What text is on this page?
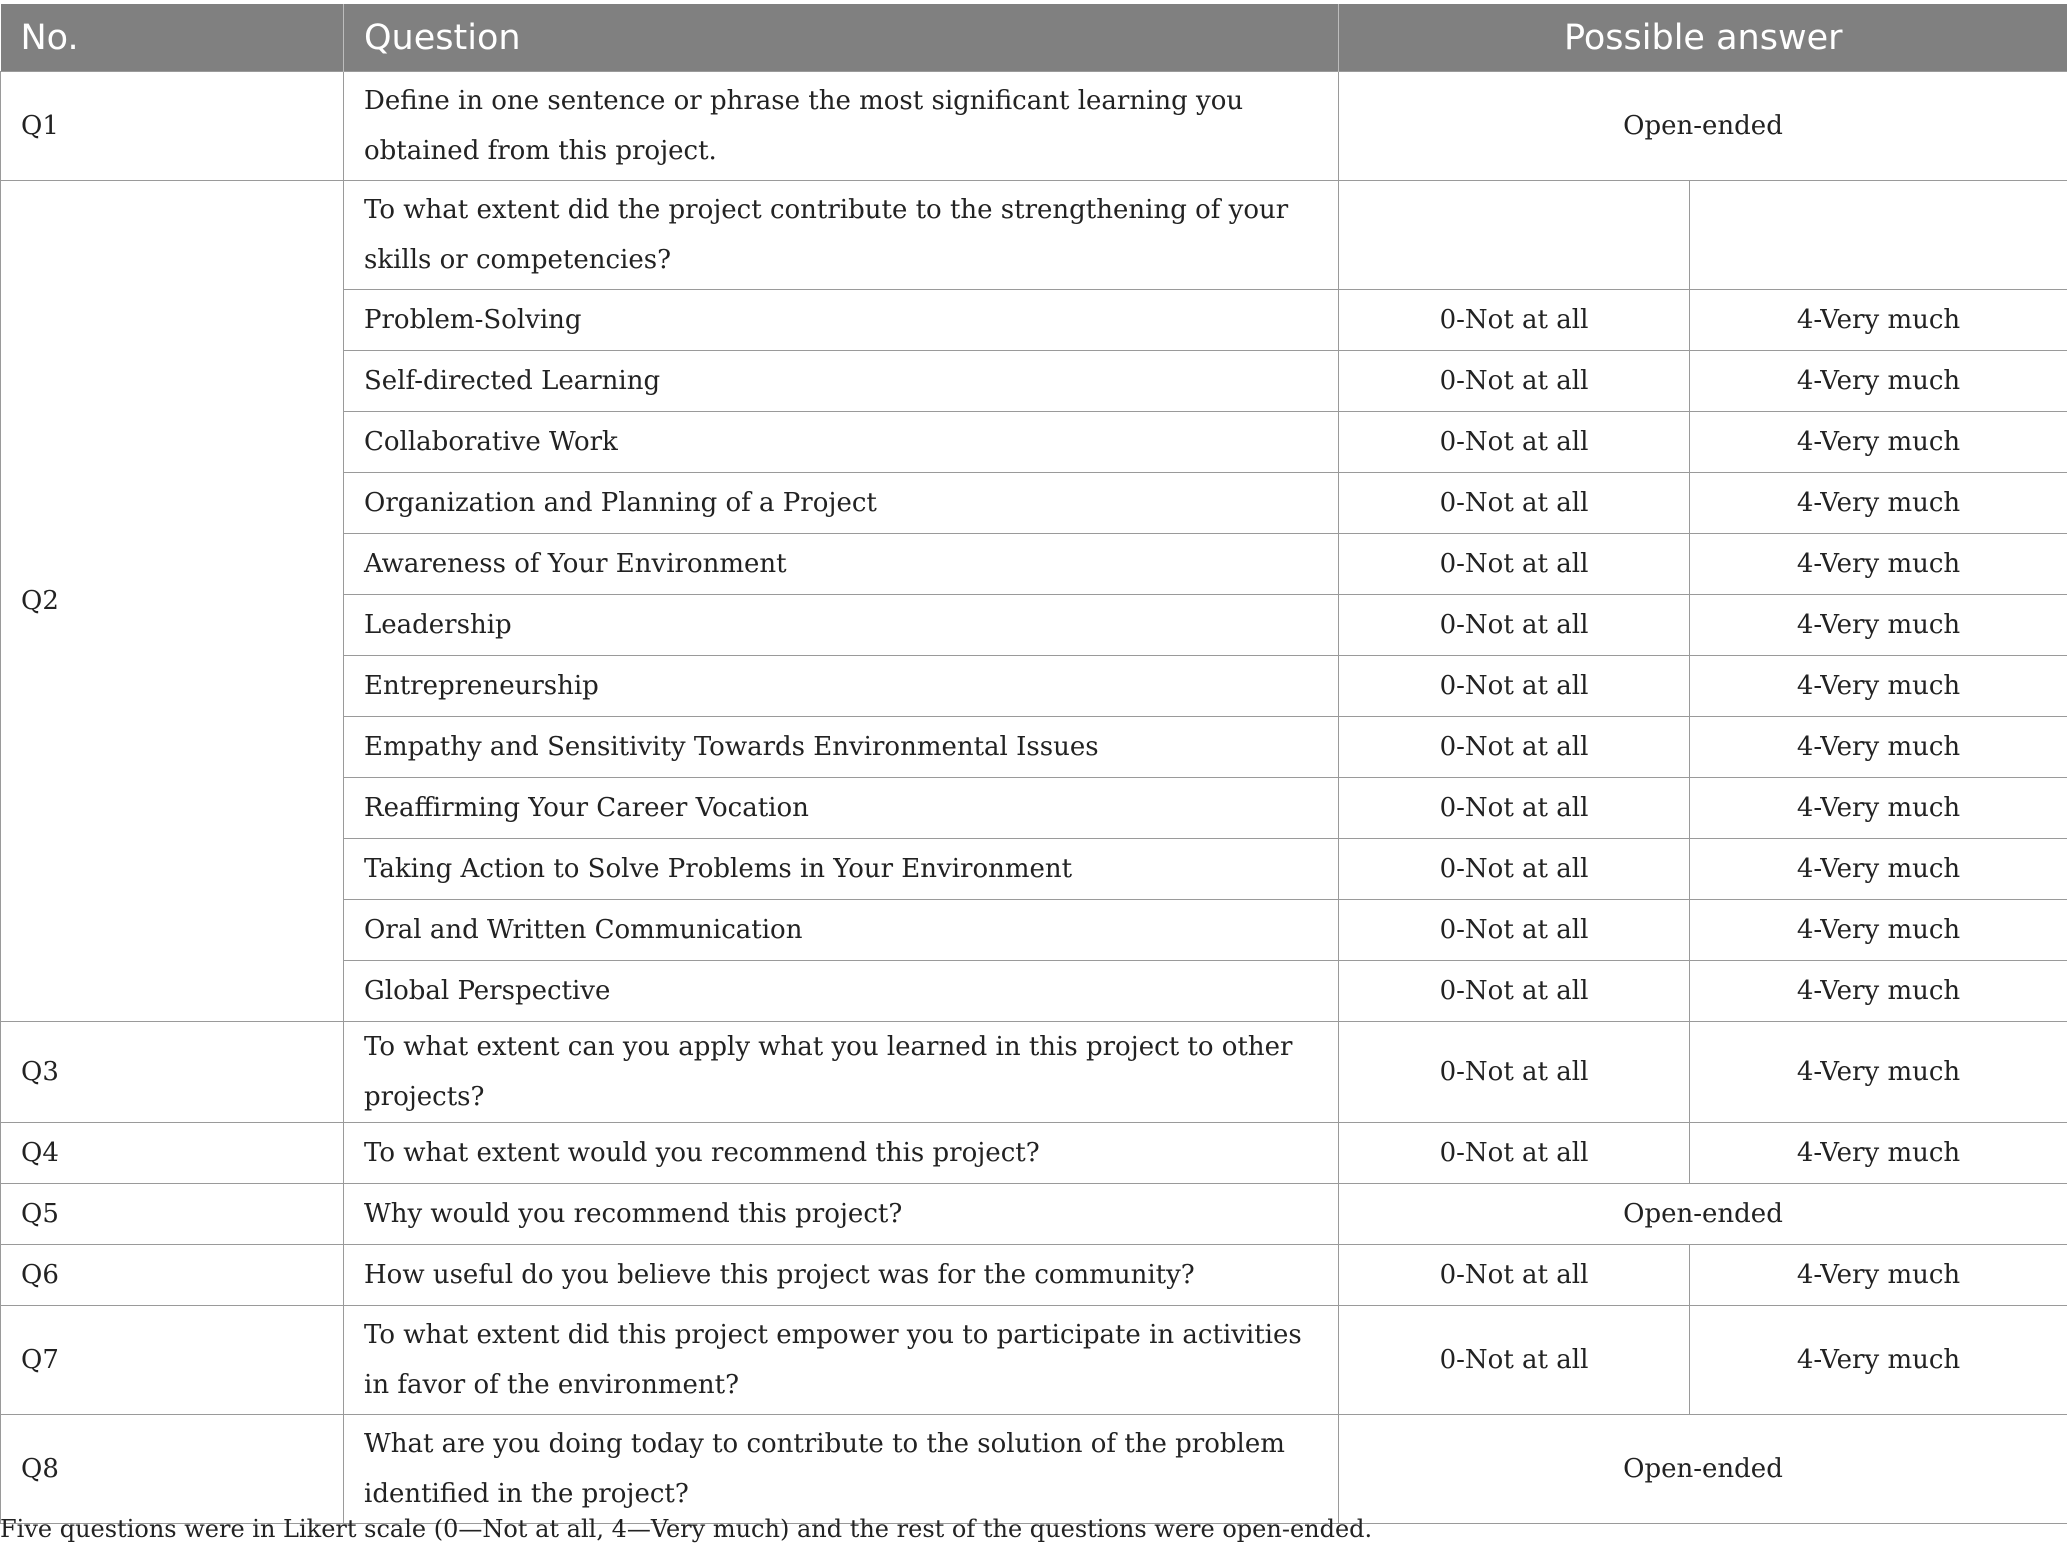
No.	Question	Possible answer	
Q1	Define in one sentence or phrase the most significant learning you obtained from this project.	Open-ended	
Q2	To what extent did the project contribute to the strengthening of your skills or competencies?		
	Problem-Solving	0-Not at all	4-Very much
	Self-directed Learning	0-Not at all	4-Very much
	Collaborative Work	0-Not at all	4-Very much
	Organization and Planning of a Project	0-Not at all	4-Very much
	Awareness of Your Environment	0-Not at all	4-Very much
	Leadership	0-Not at all	4-Very much
	Entrepreneurship	0-Not at all	4-Very much
	Empathy and Sensitivity Towards Environmental Issues	0-Not at all	4-Very much
	Reaffirming Your Career Vocation	0-Not at all	4-Very much
	Taking Action to Solve Problems in Your Environment	0-Not at all	4-Very much
	Oral and Written Communication	0-Not at all	4-Very much
	Global Perspective	0-Not at all	4-Very much
Q3	To what extent can you apply what you learned in this project to other projects?	0-Not at all	4-Very much
Q4	To what extent would you recommend this project?	0-Not at all	4-Very much
Q5	Why would you recommend this project?	Open-ended	
Q6	How useful do you believe this project was for the community?	0-Not at all	4-Very much
Q7	To what extent did this project empower you to participate in activities in favor of the environment?	0-Not at all	4-Very much
Q8	What are you doing today to contribute to the solution of the problem identified in the project?	Open-ended	
Five questions were in Likert scale (0—Not at all, 4—Very much) and the rest of the questions were open-ended.
